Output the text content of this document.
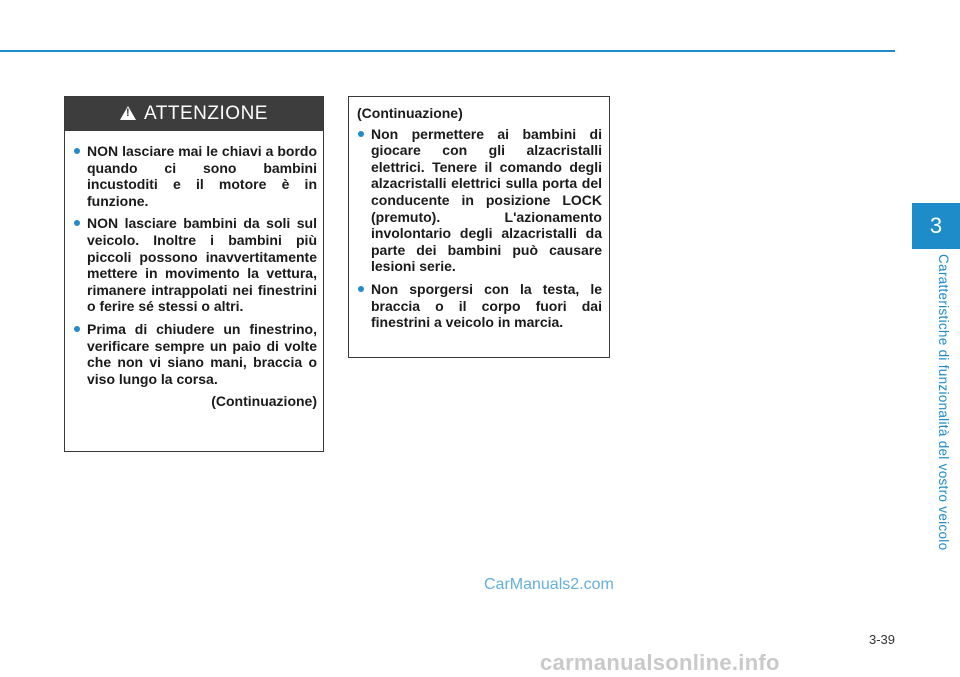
!
ATTENZIONE
NON lasciare mai le chiavi a bordo quando ci sono bambini incustoditi e il motore è in funzione.
NON lasciare bambini da soli sul veicolo. Inoltre i bambini più piccoli possono inavvertitamente mettere in movimento la vettura, rimanere intrappolati nei finestrini o ferire sé stessi o altri.
Prima di chiudere un finestrino, verificare sempre un paio di volte che non vi siano mani, braccia o viso lungo la corsa.
(Continuazione)
(Continuazione)
Non permettere ai bambini di giocare con gli alzacristalli elettrici. Tenere il comando degli alzacristalli elettrici sulla porta del conducente in posizione LOCK (premuto). L'azionamento involontario degli alzacristalli da parte dei bambini può causare lesioni serie.
Non sporgersi con la testa, le braccia o il corpo fuori dai finestrini a veicolo in marcia.
3
Caratteristiche di funzionalità del vostro veicolo
CarManuals2.com
3-39
carmanualsonline.info
